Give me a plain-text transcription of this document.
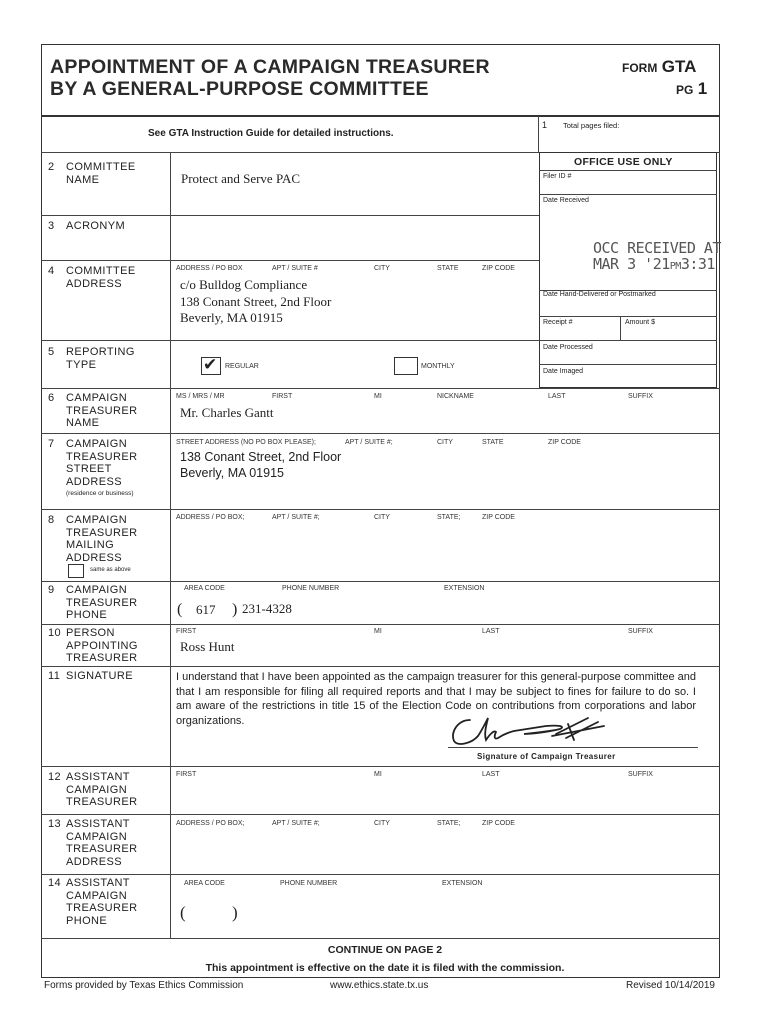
APPOINTMENT OF A CAMPAIGN TREASURER
BY A GENERAL-PURPOSE COMMITTEE
FORM GTA
PG 1
See GTA Instruction Guide for detailed instructions.
1 Total pages filed:
OFFICE USE ONLY
Filer ID #
Date Received
OCC RECEIVED AT
MAR 3 '21PM3:31
Date Hand-Delivered or Postmarked
Receipt #	Amount $
Date Processed
Date Imaged
2 COMMITTEE
NAME	Protect and Serve PAC
3 ACRONYM
4 COMMITTEE
ADDRESS
ADDRESS / PO BOX	APT / SUITE #	CITY	STATE	ZIP CODE
c/o Bulldog Compliance
138 Conant Street, 2nd Floor
Beverly, MA 01915
5 REPORTING
TYPE	✔ REGULAR	MONTHLY
6 CAMPAIGN
TREASURER
NAME
MS / MRS / MR	FIRST	MI	NICKNAME	LAST	SUFFIX
Mr. Charles Gantt
7 CAMPAIGN
TREASURER
STREET
ADDRESS
(residence or business)
STREET ADDRESS (NO PO BOX PLEASE);	APT / SUITE #;	CITY	STATE	ZIP CODE
138 Conant Street, 2nd Floor
Beverly, MA 01915
8 CAMPAIGN
TREASURER
MAILING
ADDRESS
same as above
ADDRESS / PO BOX;	APT / SUITE #;	CITY	STATE;	ZIP CODE
9 CAMPAIGN
TREASURER
PHONE
AREA CODE	PHONE NUMBER	EXTENSION
( 617 ) 231-4328
10 PERSON
APPOINTING
TREASURER
FIRST	MI	LAST	SUFFIX
Ross Hunt
11 SIGNATURE	I understand that I have been appointed as the campaign treasurer for this general-purpose committee and that I am responsible for filing all required reports and that I may be subject to fines for failure to do so. I am aware of the restrictions in title 15 of the Election Code on contributions from corporations and labor organizations.
Signature of Campaign Treasurer
12 ASSISTANT
CAMPAIGN
TREASURER
FIRST	MI	LAST	SUFFIX
13 ASSISTANT
CAMPAIGN
TREASURER
ADDRESS
ADDRESS / PO BOX;	APT / SUITE #;	CITY	STATE;	ZIP CODE
14 ASSISTANT
CAMPAIGN
TREASURER
PHONE
AREA CODE	PHONE NUMBER	EXTENSION
(	)
CONTINUE ON PAGE 2
This appointment is effective on the date it is filed with the commission.
Forms provided by Texas Ethics Commission	www.ethics.state.tx.us	Revised 10/14/2019
